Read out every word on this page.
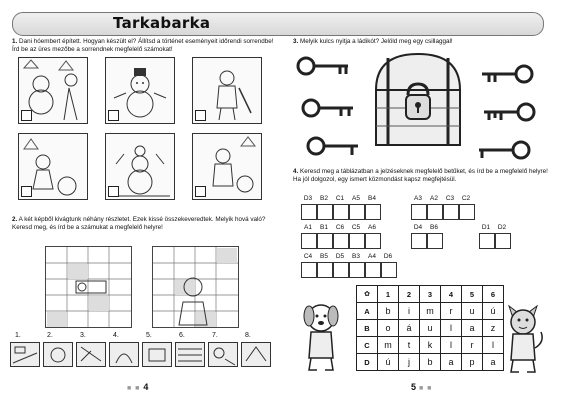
Tarkabarka
1. Dani hóembert épített. Hogyan készült el? Állítsd a történet eseményeit időrendi sorrendbe! Írd be az üres mezőbe a sorrendnek megfelelő számokat!
2. A két képből kivágtunk néhány részletet. Ezek kissé összekeveredtek. Melyik hová való? Keresd meg, és írd be a számukat a megfelelő helyre!
1.	2.	3.	4.	5.	6.	7.	8.
■ ■ 4
3. Melyik kulcs nyitja a ládikót? Jelöld meg egy csillaggal!
4. Keresd meg a táblázatban a jelzéseknek megfelelő betűket, és írd be a megfelelő helyre! Ha jól dolgozol, egy ismert közmondást kapsz megfejtésül.
D3	B2	C1	A5	B4	A3	A2	C3	C2
A1	B1	C6	C5	A6	D4	B6	D1	D2
C4	B5	D5	B3	A4	D6
✿	1	2	3	4	5	6
A	b	i	m	r	u	ú
B	o	á	u	l	a	z
C	m	t	k	l	r	l
D	ú	j	b	a	p	a
5 ■ ■
